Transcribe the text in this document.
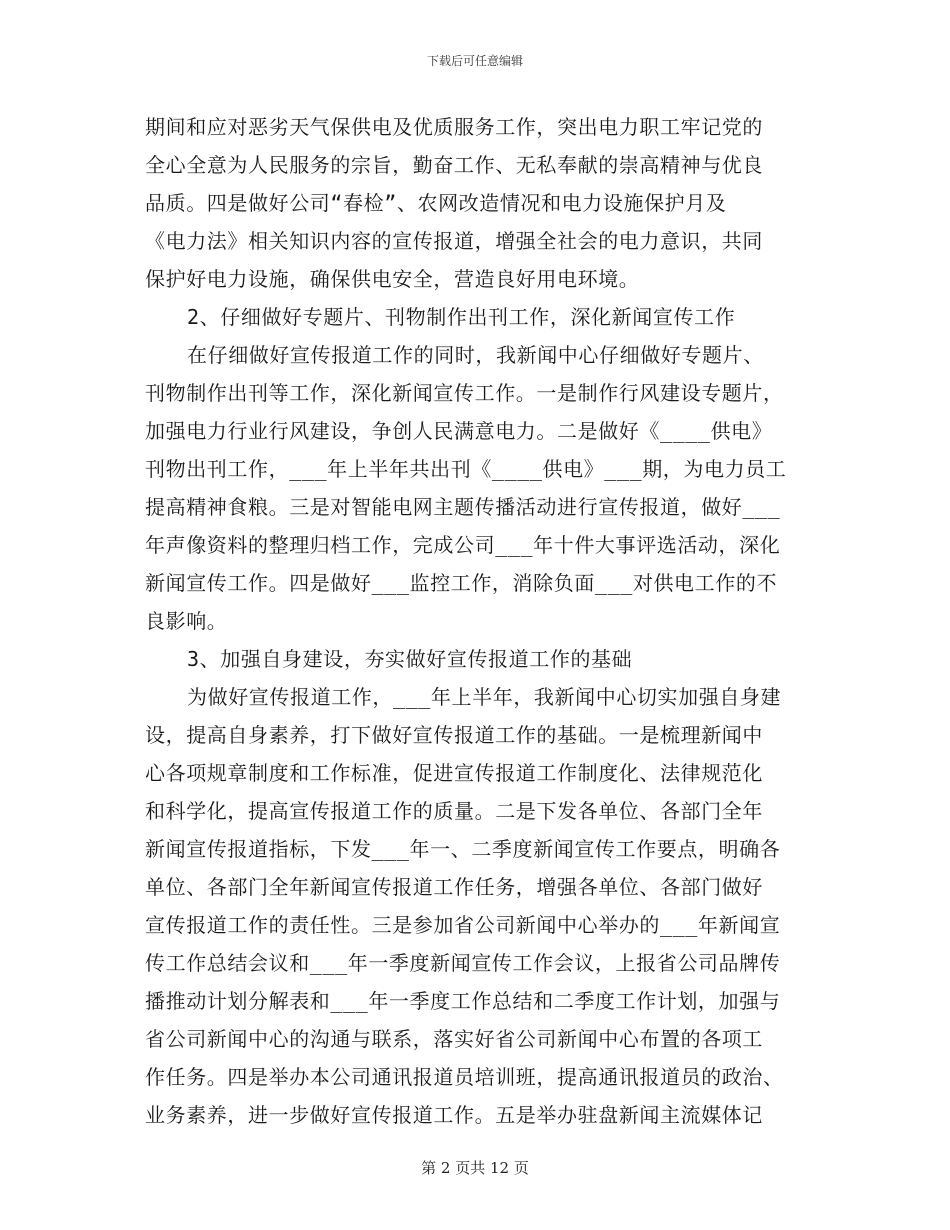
下载后可任意编辑
期间和应对恶劣天气保供电及优质服务工作，突出电力职工牢记党的
全心全意为人民服务的宗旨，勤奋工作、无私奉献的崇高精神与优良
品质。四是做好公司“春检”、农网改造情况和电力设施保护月及
《电力法》相关知识内容的宣传报道，增强全社会的电力意识，共同
保护好电力设施，确保供电安全，营造良好用电环境。
2、仔细做好专题片、刊物制作出刊工作，深化新闻宣传工作
在仔细做好宣传报道工作的同时，我新闻中心仔细做好专题片、
刊物制作出刊等工作，深化新闻宣传工作。一是制作行风建设专题片，
加强电力行业行风建设，争创人民满意电力。二是做好《____供电》
刊物出刊工作，___年上半年共出刊《____供电》___期，为电力员工
提高精神食粮。三是对智能电网主题传播活动进行宣传报道，做好___
年声像资料的整理归档工作，完成公司___年十件大事评选活动，深化
新闻宣传工作。四是做好___监控工作，消除负面___对供电工作的不
良影响。
3、加强自身建设，夯实做好宣传报道工作的基础
为做好宣传报道工作，___年上半年，我新闻中心切实加强自身建
设，提高自身素养，打下做好宣传报道工作的基础。一是梳理新闻中
心各项规章制度和工作标准，促进宣传报道工作制度化、法律规范化
和科学化，提高宣传报道工作的质量。二是下发各单位、各部门全年
新闻宣传报道指标，下发___年一、二季度新闻宣传工作要点，明确各
单位、各部门全年新闻宣传报道工作任务，增强各单位、各部门做好
宣传报道工作的责任性。三是参加省公司新闻中心举办的___年新闻宣
传工作总结会议和___年一季度新闻宣传工作会议，上报省公司品牌传
播推动计划分解表和___年一季度工作总结和二季度工作计划，加强与
省公司新闻中心的沟通与联系，落实好省公司新闻中心布置的各项工
作任务。四是举办本公司通讯报道员培训班，提高通讯报道员的政治、
业务素养，进一步做好宣传报道工作。五是举办驻盘新闻主流媒体记
第 2 页共 12 页
